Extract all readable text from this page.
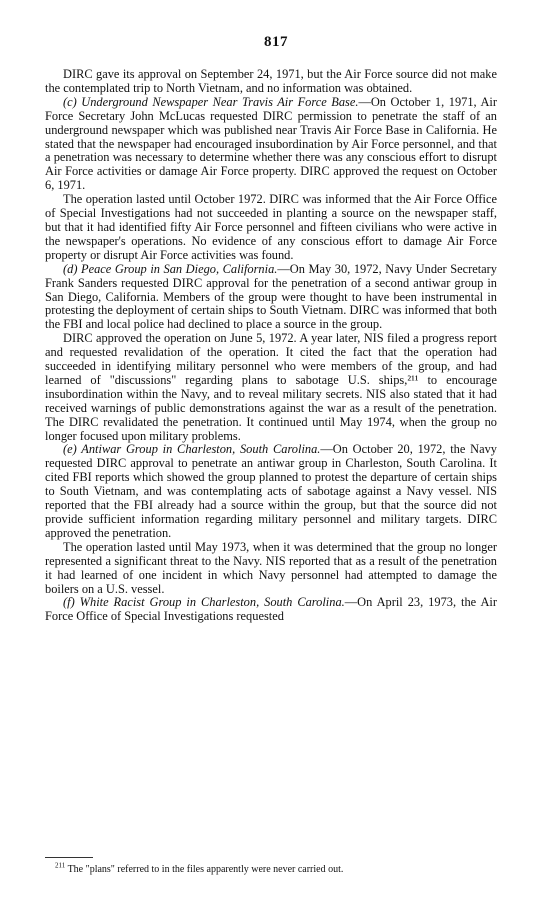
817

DIRC gave its approval on September 24, 1971, but the Air Force source did not make the contemplated trip to North Vietnam, and no information was obtained.

(c) Underground Newspaper Near Travis Air Force Base.—On October 1, 1971, Air Force Secretary John McLucas requested DIRC permission to penetrate the staff of an underground newspaper which was published near Travis Air Force Base in California. He stated that the newspaper had encouraged insubordination by Air Force personnel, and that a penetration was necessary to determine whether there was any conscious effort to disrupt Air Force activities or damage Air Force property. DIRC approved the request on October 6, 1971.

The operation lasted until October 1972. DIRC was informed that the Air Force Office of Special Investigations had not succeeded in planting a source on the newspaper staff, but that it had identified fifty Air Force personnel and fifteen civilians who were active in the newspaper's operations. No evidence of any conscious effort to damage Air Force property or disrupt Air Force activities was found.

(d) Peace Group in San Diego, California.—On May 30, 1972, Navy Under Secretary Frank Sanders requested DIRC approval for the penetration of a second antiwar group in San Diego, California. Members of the group were thought to have been instrumental in protesting the deployment of certain ships to South Vietnam. DIRC was informed that both the FBI and local police had declined to place a source in the group.

DIRC approved the operation on June 5, 1972. A year later, NIS filed a progress report and requested revalidation of the operation. It cited the fact that the operation had succeeded in identifying military personnel who were members of the group, and had learned of "discussions" regarding plans to sabotage U.S. ships,²¹¹ to encourage insubordination within the Navy, and to reveal military secrets. NIS also stated that it had received warnings of public demonstrations against the war as a result of the penetration. The DIRC revalidated the penetration. It continued until May 1974, when the group no longer focused upon military problems.

(e) Antiwar Group in Charleston, South Carolina.—On October 20, 1972, the Navy requested DIRC approval to penetrate an antiwar group in Charleston, South Carolina. It cited FBI reports which showed the group planned to protest the departure of certain ships to South Vietnam, and was contemplating acts of sabotage against a Navy vessel. NIS reported that the FBI already had a source within the group, but that the source did not provide sufficient information regarding military personnel and military targets. DIRC approved the penetration.

The operation lasted until May 1973, when it was determined that the group no longer represented a significant threat to the Navy. NIS reported that as a result of the penetration it had learned of one incident in which Navy personnel had attempted to damage the boilers on a U.S. vessel.

(f) White Racist Group in Charleston, South Carolina.—On April 23, 1973, the Air Force Office of Special Investigations requested

$^{211}$ The "plans" referred to in the files apparently were never carried out.
